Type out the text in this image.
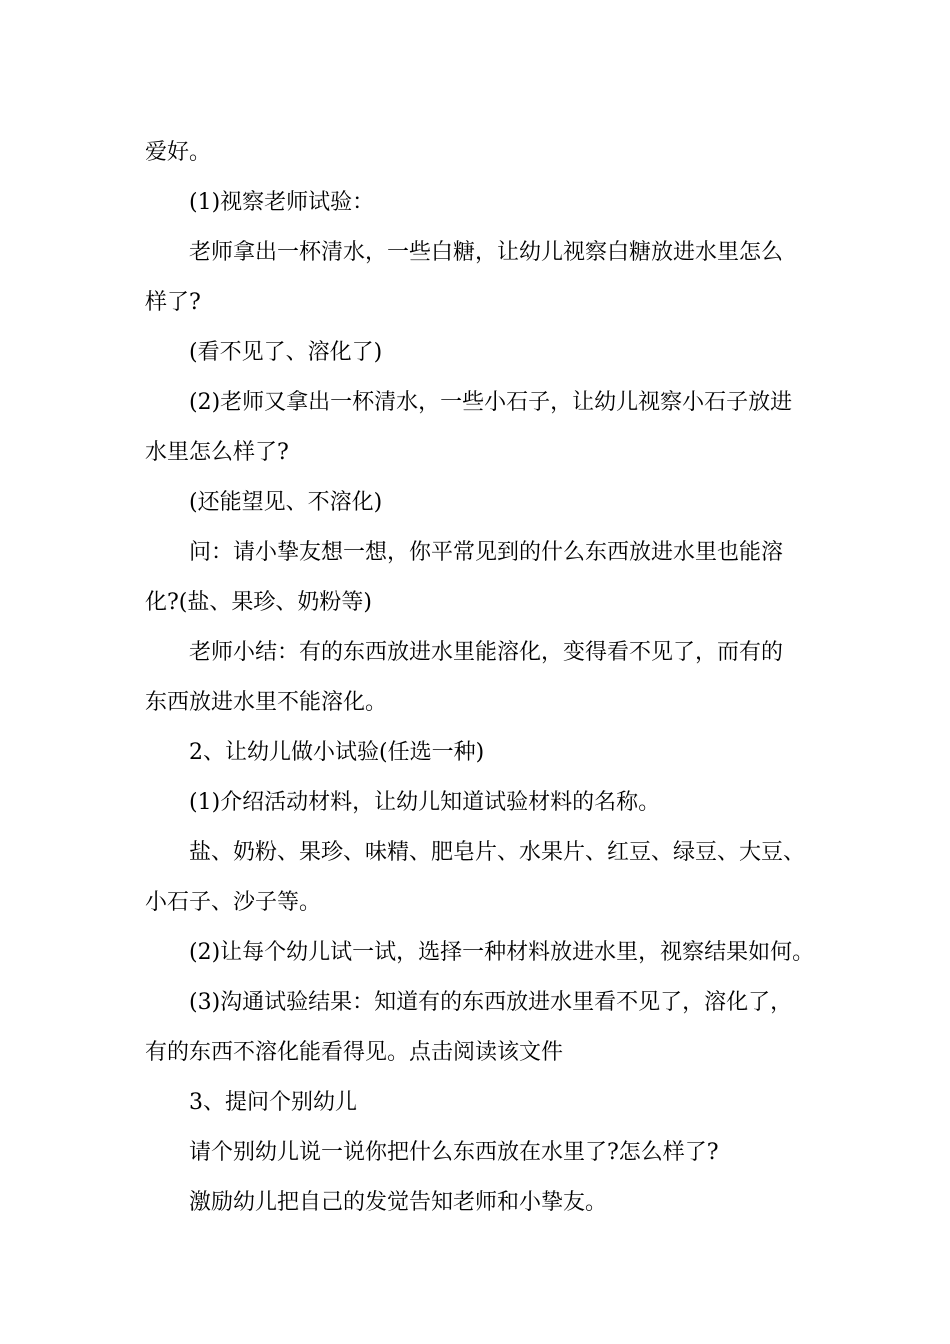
爱好。
(1)视察老师试验：
老师拿出一杯清水，一些白糖，让幼儿视察白糖放进水里怎么
样了?
(看不见了、溶化了)
(2)老师又拿出一杯清水，一些小石子，让幼儿视察小石子放进
水里怎么样了?
(还能望见、不溶化)
问：请小挚友想一想，你平常见到的什么东西放进水里也能溶
化?(盐、果珍、奶粉等)
老师小结：有的东西放进水里能溶化，变得看不见了，而有的
东西放进水里不能溶化。
2、让幼儿做小试验(任选一种)
(1)介绍活动材料，让幼儿知道试验材料的名称。
盐、奶粉、果珍、味精、肥皂片、水果片、红豆、绿豆、大豆、
小石子、沙子等。
(2)让每个幼儿试一试，选择一种材料放进水里，视察结果如何。
(3)沟通试验结果：知道有的东西放进水里看不见了，溶化了，
有的东西不溶化能看得见。点击阅读该文件
3、提问个别幼儿
请个别幼儿说一说你把什么东西放在水里了?怎么样了?
激励幼儿把自己的发觉告知老师和小挚友。
